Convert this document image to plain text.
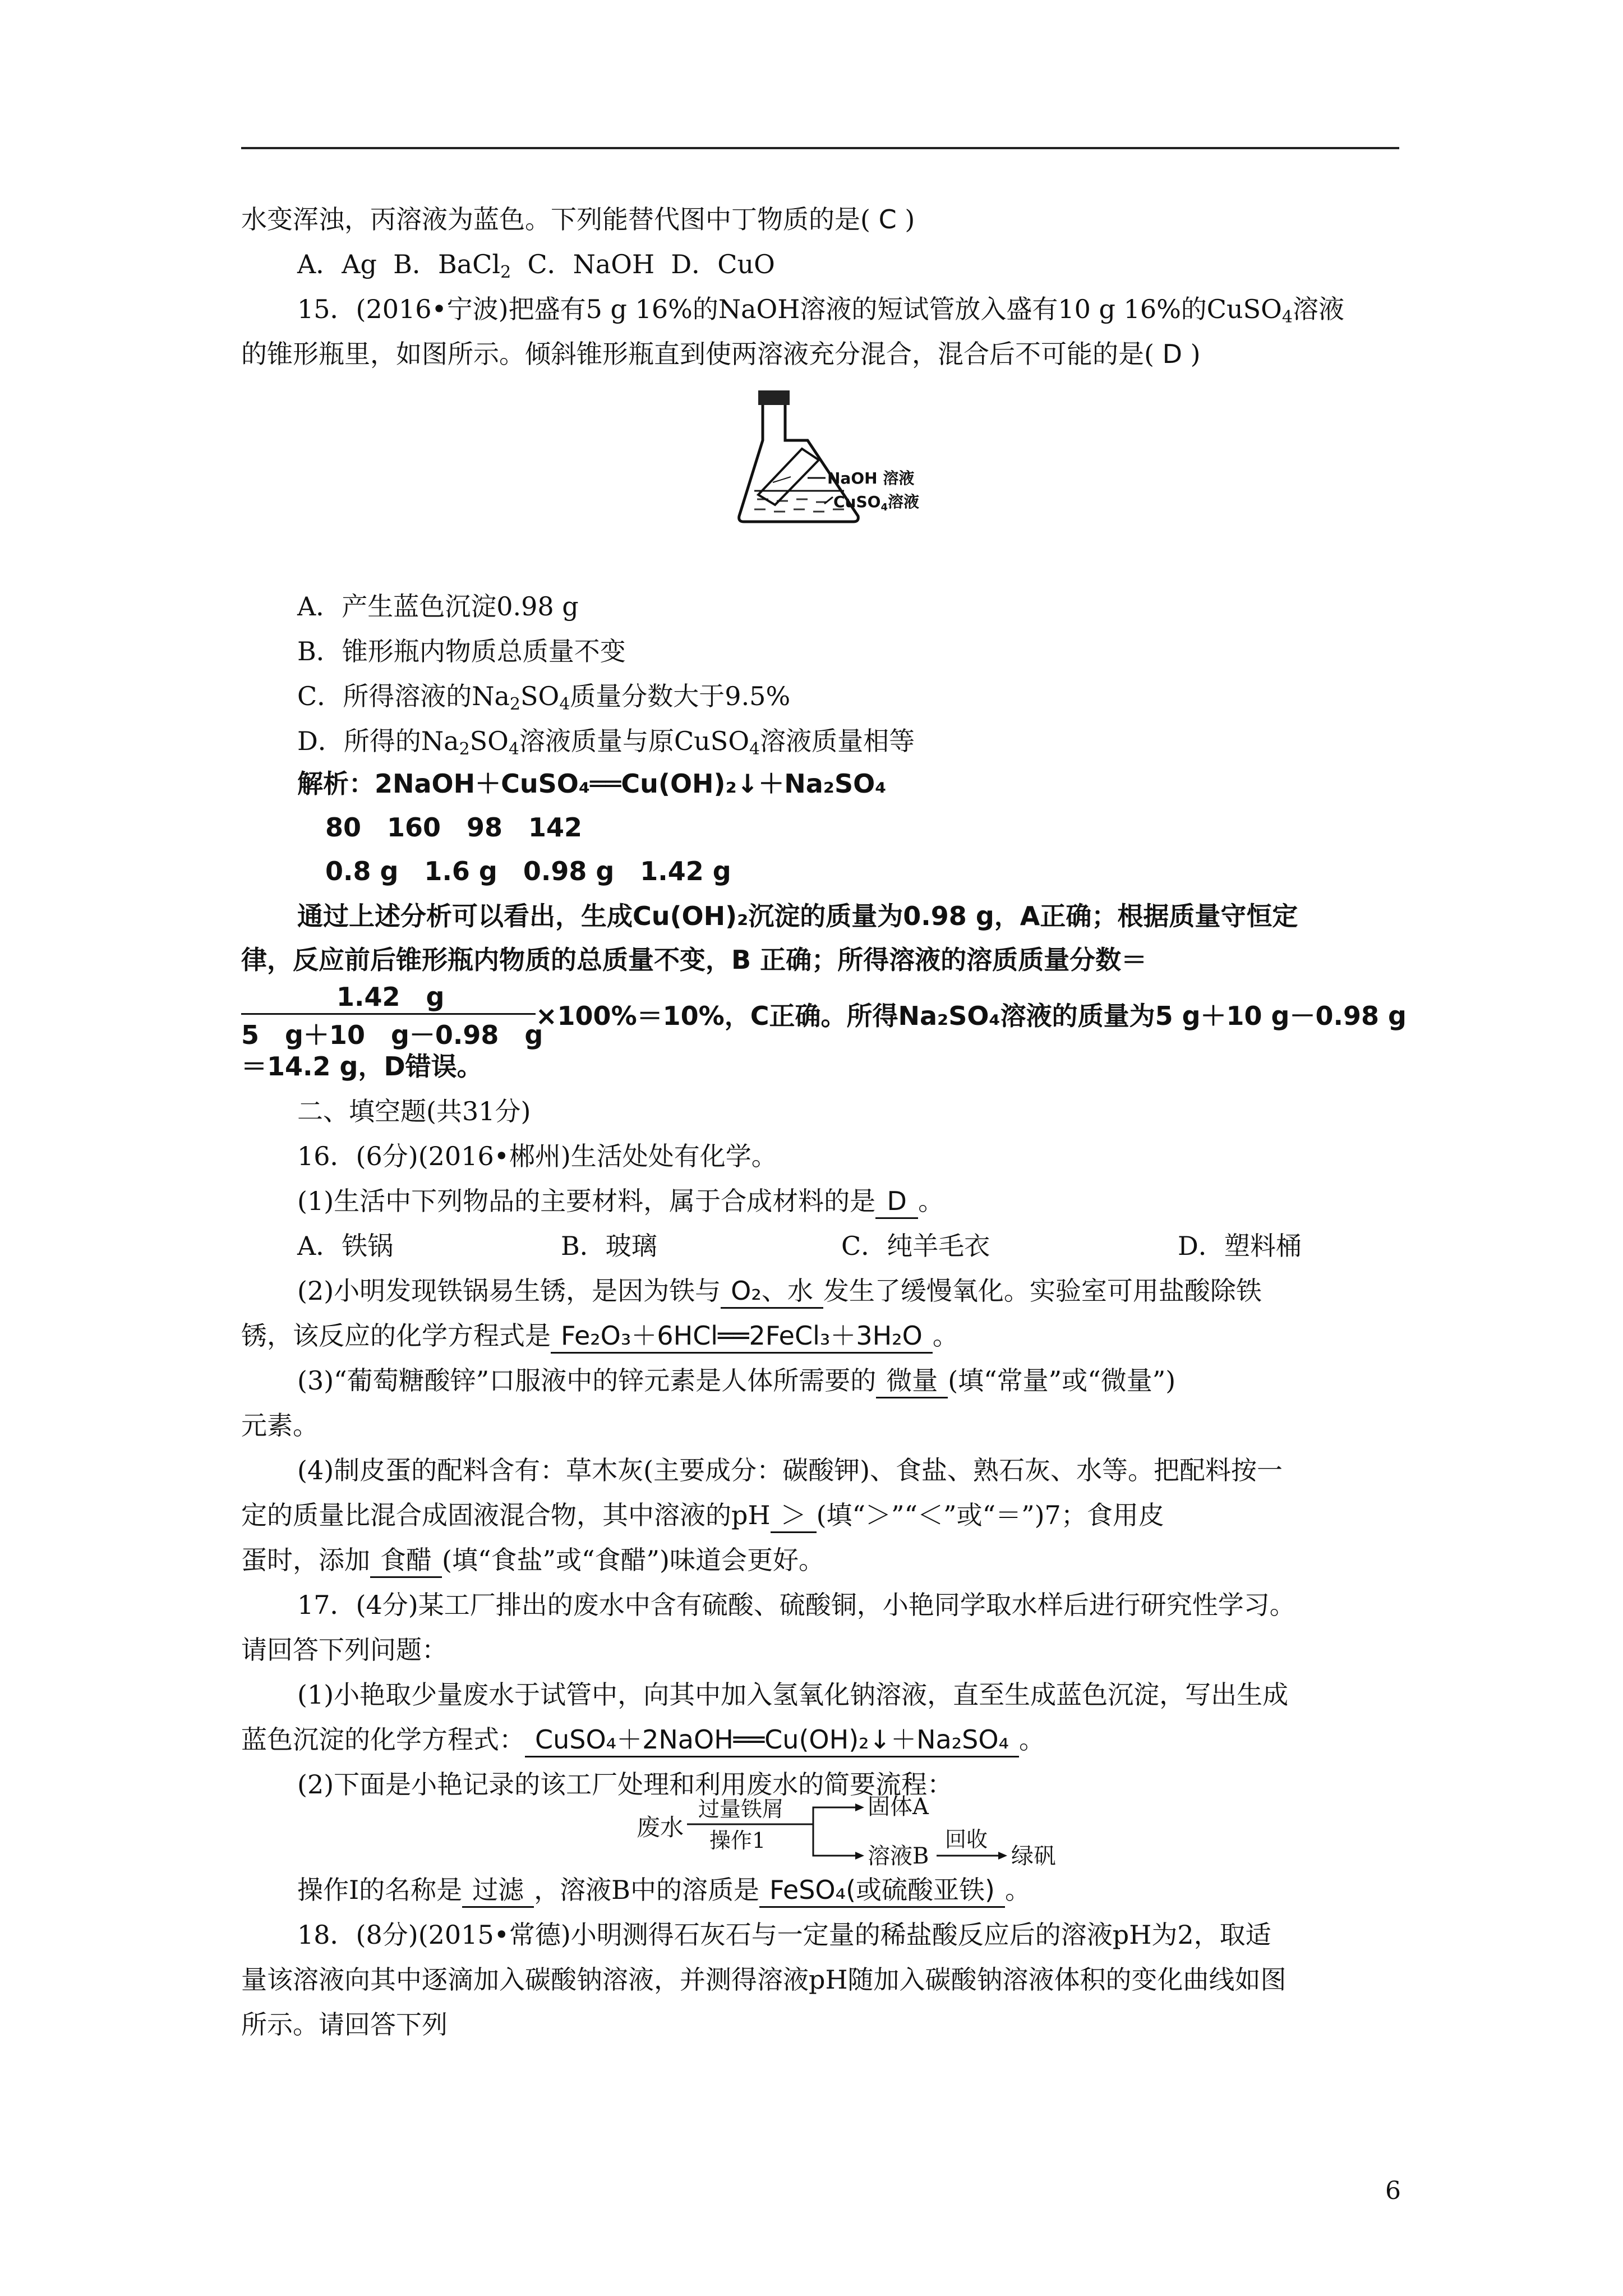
水变浑浊，丙溶液为蓝色。下列能替代图中丁物质的是( C )
A．Ag B．BaCl$_2$ C．NaOH D．CuO
15．(2016•宁波)把盛有5 g 16%的NaOH溶液的短试管放入盛有10 g 16%的CuSO$_4$溶液
的锥形瓶里，如图所示。倾斜锥形瓶直到使两溶液充分混合，混合后不可能的是( D )
NaOH 溶液
CuSO$_4$溶液
A．产生蓝色沉淀0.98 g
B．锥形瓶内物质总质量不变
C．所得溶液的$Na_2SO_4$质量分数大于9.5%
D．所得的$Na_2SO_4$溶液质量与原CuSO$_4$溶液质量相等
解析：2NaOH＋CuSO₄══Cu(OH)₂↓＋Na₂SO₄
80　160　98　142
0.8 g　1.6 g　0.98 g　1.42 g
通过上述分析可以看出，生成Cu(OH)₂沉淀的质量为0.98 g，A正确；根据质量守恒定
律，反应前后锥形瓶内物质的总质量不变，B 正确；所得溶液的溶质质量分数＝
1.42　g
5　g＋10　g－0.98　g
×100%＝10%，C正确。所得Na₂SO₄溶液的质量为5 g＋10 g－0.98 g
＝14.2 g，D错误。
二、填空题(共31分)
16．(6分)(2016•郴州)生活处处有化学。
(1)生活中下列物品的主要材料，属于合成材料的是 D 。
A．铁锅	B．玻璃	C．纯羊毛衣	D．塑料桶
(2)小明发现铁锅易生锈，是因为铁与 O₂、水 发生了缓慢氧化。实验室可用盐酸除铁
锈，该反应的化学方程式是 Fe₂O₃＋6HCl══2FeCl₃＋3H₂O 。
(3)“葡萄糖酸锌”口服液中的锌元素是人体所需要的 微量 (填“常量”或“微量”)
元素。
(4)制皮蛋的配料含有：草木灰(主要成分：碳酸钾)、食盐、熟石灰、水等。把配料按一
定的质量比混合成固液混合物，其中溶液的pH ＞ (填“＞”“＜”或“＝”)7；食用皮
蛋时，添加 食醋 (填“食盐”或“食醋”)味道会更好。
17．(4分)某工厂排出的废水中含有硫酸、硫酸铜，小艳同学取水样后进行研究性学习。
请回答下列问题：
(1)小艳取少量废水于试管中，向其中加入氢氧化钠溶液，直至生成蓝色沉淀，写出生成
蓝色沉淀的化学方程式： CuSO₄＋2NaOH══Cu(OH)₂↓＋Na₂SO₄ 。
(2)下面是小艳记录的该工厂处理和利用废水的简要流程：
废水
过量铁屑
操作1
固体A
溶液B
回收
绿矾
操作Ⅰ的名称是 过滤 ，溶液B中的溶质是 FeSO₄(或硫酸亚铁) 。
18．(8分)(2015•常德)小明测得石灰石与一定量的稀盐酸反应后的溶液pH为2，取适
量该溶液向其中逐滴加入碳酸钠溶液，并测得溶液pH随加入碳酸钠溶液体积的变化曲线如图
所示。请回答下列
6
